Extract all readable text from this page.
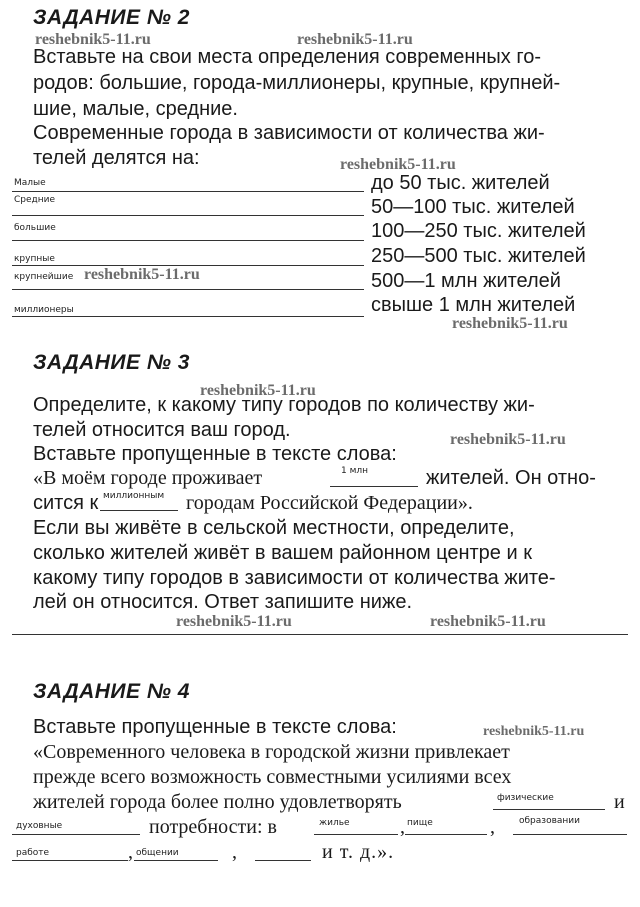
ЗАДАНИЕ № 2
reshebnik5-11.ru	reshebnik5-11.ru
Вставьте на свои места определения современных го-
родов: большие, города-миллионеры, крупные, крупней-
шие, малые, средние.
Современные города в зависимости от количества жи-
телей делятся на:	reshebnik5-11.ru
Малые	до 50 тыс. жителей
Средние	50—100 тыс. жителей
большие	100—250 тыс. жителей
крупные	250—500 тыс. жителей
крупнейшие reshebnik5-11.ru	500—1 млн жителей
миллионеры	свыше 1 млн жителей
reshebnik5-11.ru
ЗАДАНИЕ № 3
reshebnik5-11.ru
Определите, к какому типу городов по количеству жи-
телей относится ваш город.	reshebnik5-11.ru
Вставьте пропущенные в тексте слова:
«В моём городе проживает	1 млн	жителей. Он отно-
сится к миллионным городам Российской Федерации».
Если вы живёте в сельской местности, определите,
сколько жителей живёт в вашем районном центре и к
какому типу городов в зависимости от количества жите-
лей он относится. Ответ запишите ниже.
reshebnik5-11.ru	reshebnik5-11.ru
ЗАДАНИЕ № 4
Вставьте пропущенные в тексте слова:	reshebnik5-11.ru
«Современного человека в городской жизни привлекает
прежде всего возможность совместными усилиями всех
жителей города более полно удовлетворять	физические	и
духовные	потребности: в	жилье	, пище	,	образовании
работе	, общении	,	и т. д.».
